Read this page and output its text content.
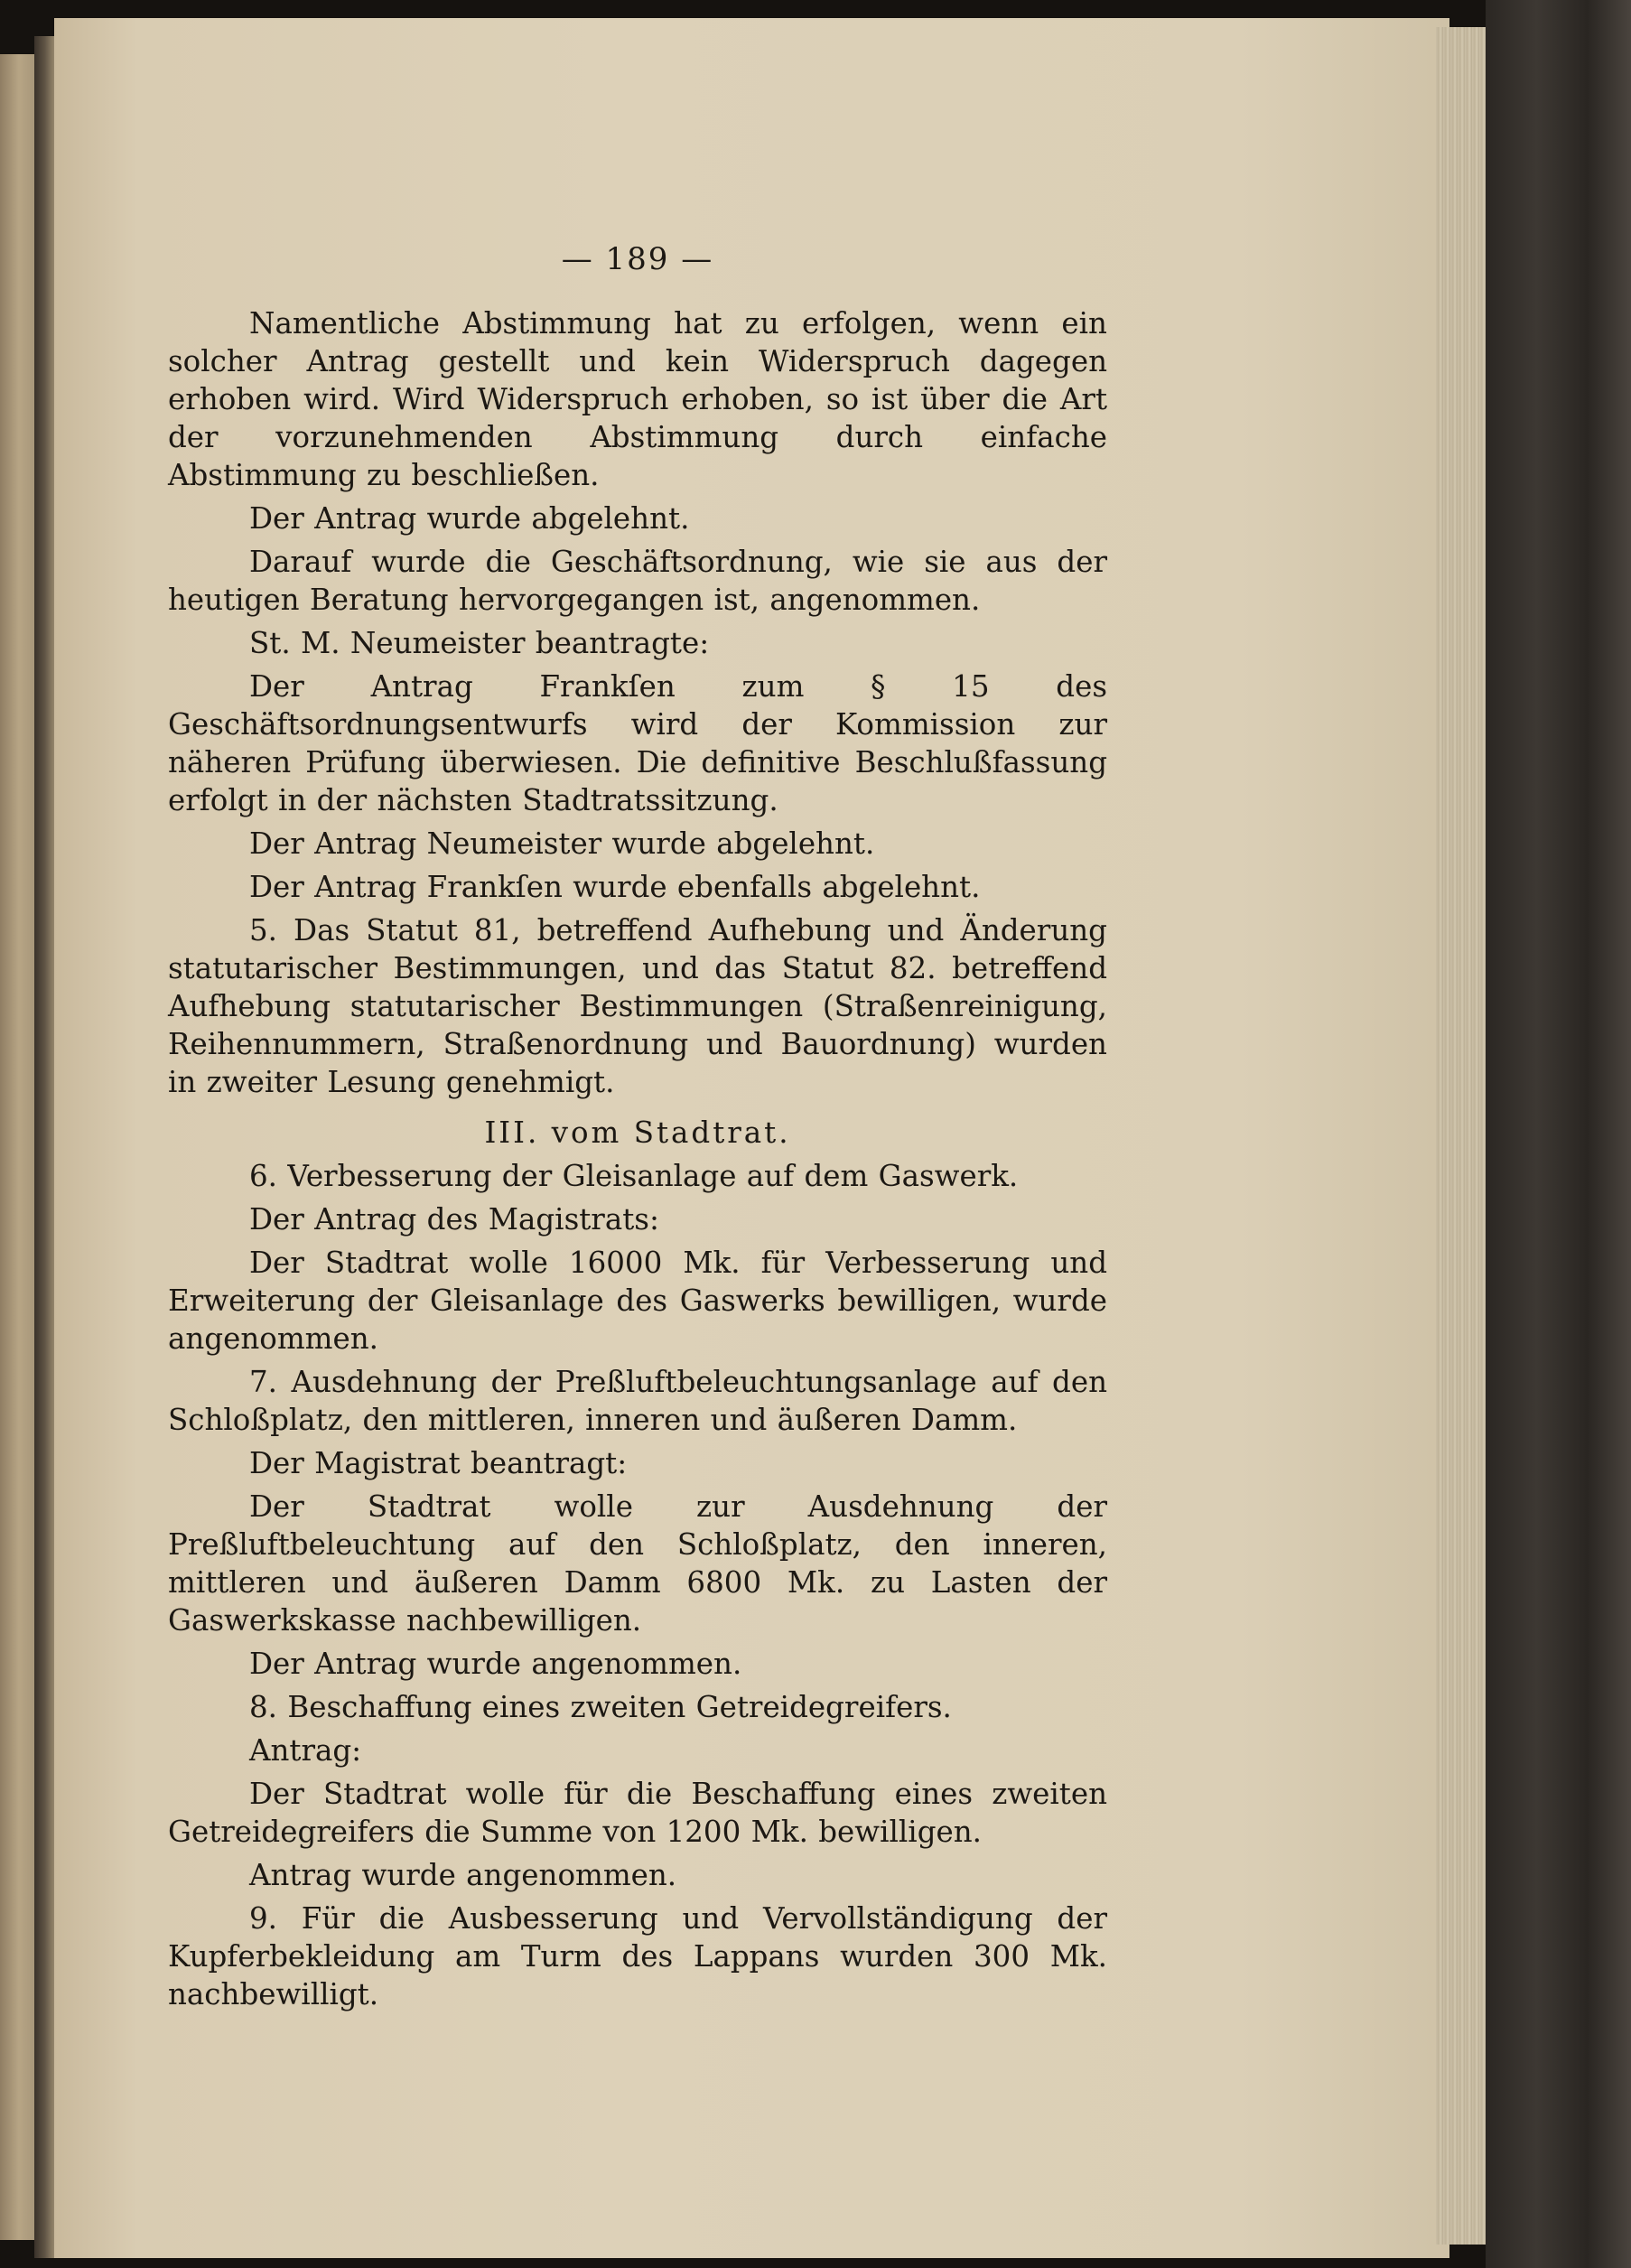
— 189 —

Namentliche Abstimmung hat zu erfolgen, wenn ein solcher Antrag gestellt und kein Widerspruch dagegen erhoben wird. Wird Widerspruch erhoben, so ist über die Art der vorzunehmenden Abstimmung durch einfache Abstimmung zu beschließen.

Der Antrag wurde abgelehnt.

Darauf wurde die Geschäftsordnung, wie sie aus der heutigen Beratung hervorgegangen ist, angenommen.

St. M. Neumeister beantragte:

Der Antrag Frankſen zum § 15 des Geschäftsordnungsentwurfs wird der Kommission zur näheren Prüfung überwiesen. Die definitive Beschlußfassung erfolgt in der nächsten Stadtratssitzung.

Der Antrag Neumeister wurde abgelehnt.

Der Antrag Frankſen wurde ebenfalls abgelehnt.

5. Das Statut 81, betreffend Aufhebung und Änderung statutarischer Bestimmungen, und das Statut 82. betreffend Aufhebung statutarischer Bestimmungen (Straßenreinigung, Reihennummern, Straßenordnung und Bauordnung) wurden in zweiter Lesung genehmigt.

III. vom Stadtrat.

6. Verbesserung der Gleisanlage auf dem Gaswerk.

Der Antrag des Magistrats:

Der Stadtrat wolle 16000 Mk. für Verbesserung und Erweiterung der Gleisanlage des Gaswerks bewilligen, wurde angenommen.

7. Ausdehnung der Preßluftbeleuchtungsanlage auf den Schloßplatz, den mittleren, inneren und äußeren Damm.

Der Magistrat beantragt:

Der Stadtrat wolle zur Ausdehnung der Preßluftbeleuchtung auf den Schloßplatz, den inneren, mittleren und äußeren Damm 6800 Mk. zu Lasten der Gaswerkskasse nachbewilligen.

Der Antrag wurde angenommen.

8. Beschaffung eines zweiten Getreidegreifers.

Antrag:

Der Stadtrat wolle für die Beschaffung eines zweiten Getreidegreifers die Summe von 1200 Mk. bewilligen.

Antrag wurde angenommen.

9. Für die Ausbesserung und Vervollständigung der Kupferbekleidung am Turm des Lappans wurden 300 Mk. nachbewilligt.
